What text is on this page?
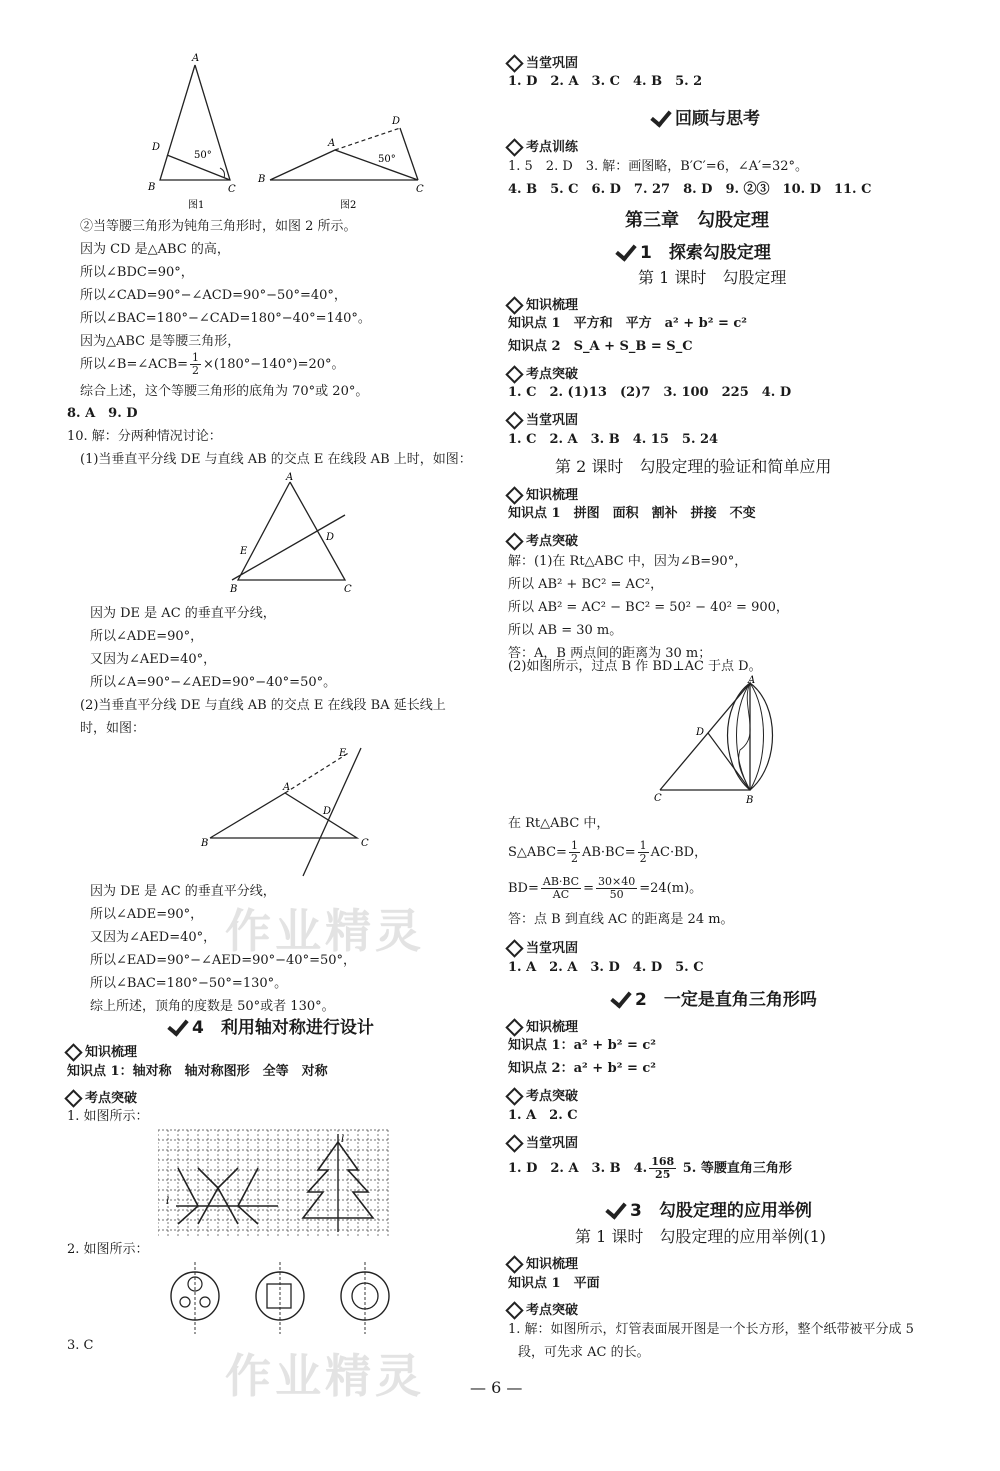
A
D
B	C
50°
图1
A
D
B
C
50°
图2
②当等腰三角形为钝角三角形时，如图 2 所示。
因为 CD 是△ABC 的高，
所以∠BDC=90°，
所以∠CAD=90°−∠ACD=90°−50°=40°，
所以∠BAC=180°−∠CAD=180°−40°=140°。
因为△ABC 是等腰三角形，
所以∠B=∠ACB= $\frac{1}{2} \times(180^\circ-140^\circ)=20^\circ$。
综合上述，这个等腰三角形的底角为 70°或 20°。
8. A　9. D
10. 解：分两种情况讨论：
(1)当垂直平分线 DE 与直线 AB 的交点 E 在线段 AB 上时，如图：
A
E
D
B	C
因为 DE 是 AC 的垂直平分线，
所以∠ADE=90°，
又因为∠AED=40°，
所以∠A=90°−∠AED=90°−40°=50°。
(2)当垂直平分线 DE 与直线 AB 的交点 E 在线段 BA 延长线上
时，如图：
A
E
D
B	C
因为 DE 是 AC 的垂直平分线，
所以∠ADE=90°，
又因为∠AED=40°，
所以∠EAD=90°−∠AED=90°−40°=50°，
所以∠BAC=180°−50°=130°。
综上所述，顶角的度数是 50°或者 130°。
4　利用轴对称进行设计
知识梳理
知识点 1：轴对称　轴对称图形　全等　对称
考点突破
1. 如图所示：
l
l
2. 如图所示：
3. C
当堂巩固
1. D　2. A　3. C　4. B　5. 2
回顾与思考
考点训练
1. 5　2. D　3. 解：画图略，B′C′=6，∠A′=32°。
4. B　5. C　6. D　7. 27　8. D　9. ②③　10. D　11. C
第三章　勾股定理
1　探索勾股定理
第 1 课时　勾股定理
知识梳理
知识点 1　平方和　平方　a² + b² = c²
知识点 2　S_A + S_B = S_C
考点突破
1. C　2. (1)13　(2)7　3. 100　225　4. D
当堂巩固
1. C　2. A　3. B　4. 15　5. 24
第 2 课时　勾股定理的验证和简单应用
知识梳理
知识点 1　拼图　面积　割补　拼接　不变
考点突破
解：(1)在 Rt△ABC 中，因为∠B=90°，
所以 AB² + BC² = AC²，
所以 AB² = AC² − BC² = 50² − 40² = 900，
所以 AB = 30 m。
答：A，B 两点间的距离为 30 m；
(2)如图所示，过点 B 作 BD⊥AC 于点 D。
A
D
C	B
在 Rt△ABC 中，
S△ABC= $\frac{1}{2} AB\cdot BC= \frac{1}{2} AC\cdot BD$，
$BD= \frac{AB\cdot BC}{AC} = \frac{30\times 40}{50} =24(m)$。
答：点 B 到直线 AC 的距离是 24 m。
当堂巩固
1. A　2. A　3. D　4. D　5. C
2　一定是直角三角形吗
知识梳理
知识点 1：a² + b² = c²
知识点 2：a² + b² = c²
考点突破
1. A　2. C
当堂巩固
1. D　2. A　3. B　4. $\frac{168}{25} 5$. 等腰直角三角形
3　勾股定理的应用举例
第 1 课时　勾股定理的应用举例(1)
知识梳理
知识点 1　平面
考点突破
1. 解：如图所示，灯管表面展开图是一个长方形，整个纸带被平分成 5
段，可先求 AC 的长。
— 6 —
作业精灵
作业精灵
